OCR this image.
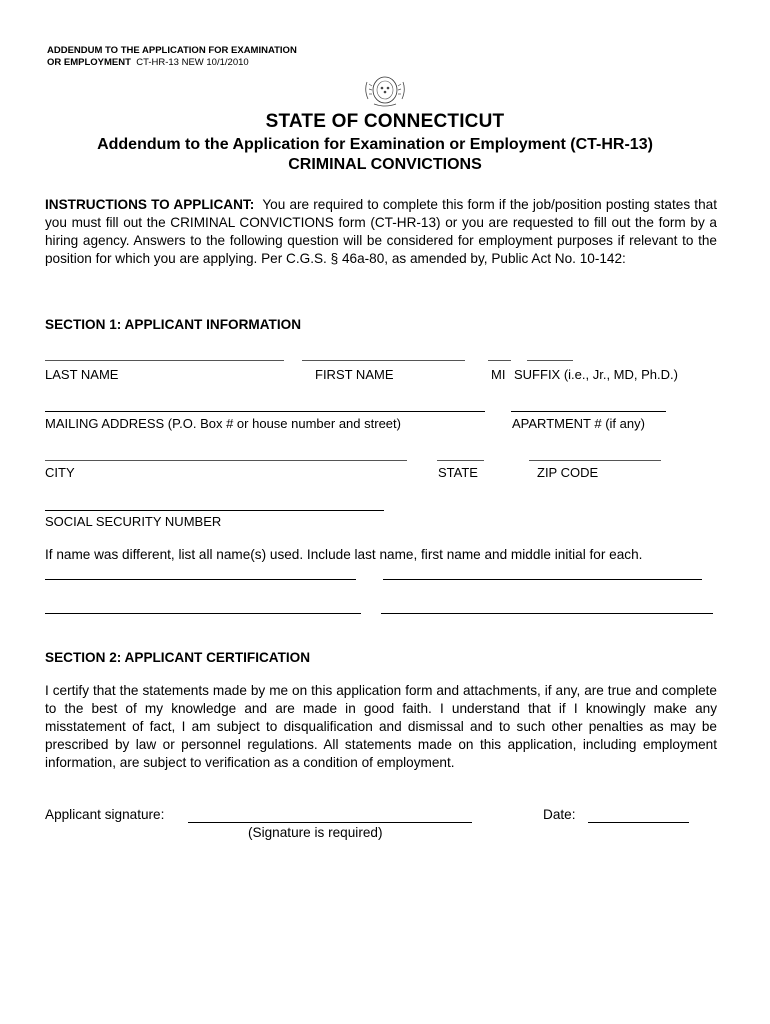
ADDENDUM TO THE APPLICATION FOR EXAMINATION
OR EMPLOYMENT CT-HR-13 NEW 10/1/2010
STATE OF CONNECTICUT
Addendum to the Application for Examination or Employment (CT-HR-13)
CRIMINAL CONVICTIONS

INSTRUCTIONS TO APPLICANT: You are required to complete this form if the job/position posting states that you must fill out the CRIMINAL CONVICTIONS form (CT-HR-13) or you are requested to fill out the form by a hiring agency. Answers to the following question will be considered for employment purposes if relevant to the position for which you are applying. Per C.G.S. § 46a-80, as amended by, Public Act No. 10-142:

SECTION 1: APPLICANT INFORMATION
LAST NAME	FIRST NAME	MI SUFFIX (i.e., Jr., MD, Ph.D.)
MAILING ADDRESS (P.O. Box # or house number and street)	APARTMENT # (if any)
CITY	STATE	ZIP CODE
SOCIAL SECURITY NUMBER
If name was different, list all name(s) used. Include last name, first name and middle initial for each.
SECTION 2: APPLICANT CERTIFICATION

I certify that the statements made by me on this application form and attachments, if any, are true and complete to the best of my knowledge and are made in good faith. I understand that if I knowingly make any misstatement of fact, I am subject to disqualification and dismissal and to such other penalties as may be prescribed by law or personnel regulations. All statements made on this application, including employment information, are subject to verification as a condition of employment.

Applicant signature:
(Signature is required)
Date:
